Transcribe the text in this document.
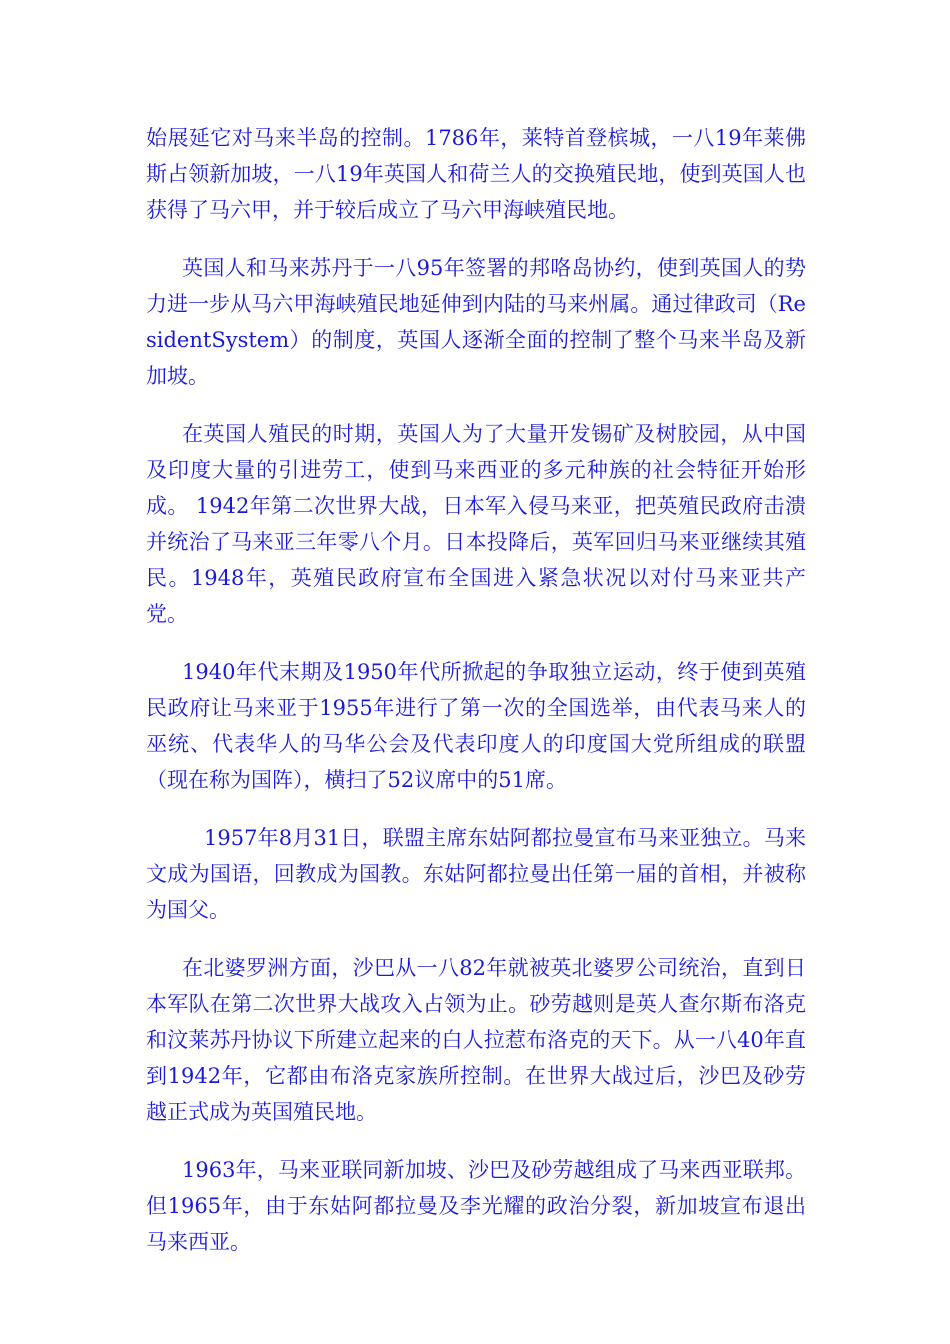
始展延它对马来半岛的控制。1786年，莱特首登槟城，一八19年莱佛斯占领新加坡，一八19年英国人和荷兰人的交换殖民地，使到英国人也获得了马六甲，并于较后成立了马六甲海峡殖民地。

英国人和马来苏丹于一八95年签署的邦咯岛协约，使到英国人的势力进一步从马六甲海峡殖民地延伸到内陆的马来州属。通过律政司（ResidentSystem）的制度，英国人逐渐全面的控制了整个马来半岛及新加坡。

在英国人殖民的时期，英国人为了大量开发锡矿及树胶园，从中国及印度大量的引进劳工，使到马来西亚的多元种族的社会特征开始形成。 1942年第二次世界大战，日本军入侵马来亚，把英殖民政府击溃并统治了马来亚三年零八个月。日本投降后，英军回归马来亚继续其殖民。1948年，英殖民政府宣布全国进入紧急状况以对付马来亚共产党。

1940年代末期及1950年代所掀起的争取独立运动，终于使到英殖民政府让马来亚于1955年进行了第一次的全国选举，由代表马来人的巫统、代表华人的马华公会及代表印度人的印度国大党所组成的联盟（现在称为国阵），横扫了52议席中的51席。

1957年8月31日，联盟主席东姑阿都拉曼宣布马来亚独立。马来文成为国语，回教成为国教。东姑阿都拉曼出任第一届的首相，并被称为国父。

在北婆罗洲方面，沙巴从一八82年就被英北婆罗公司统治，直到日本军队在第二次世界大战攻入占领为止。砂劳越则是英人查尔斯布洛克和汶莱苏丹协议下所建立起来的白人拉惹布洛克的天下。从一八40年直到1942年，它都由布洛克家族所控制。在世界大战过后，沙巴及砂劳越正式成为英国殖民地。

1963年，马来亚联同新加坡、沙巴及砂劳越组成了马来西亚联邦。但1965年，由于东姑阿都拉曼及李光耀的政治分裂，新加坡宣布退出马来西亚。
